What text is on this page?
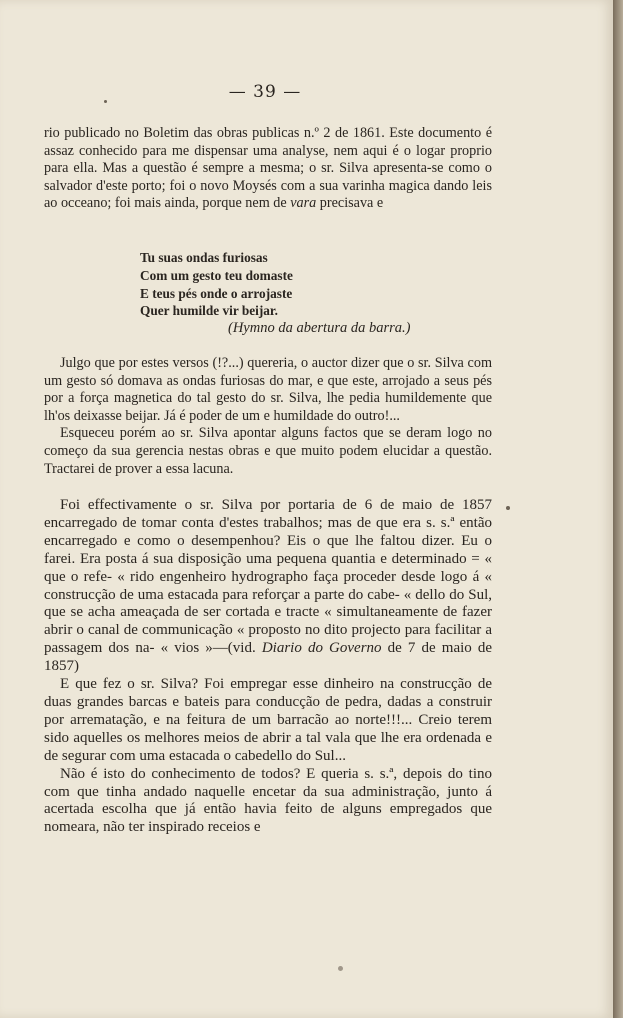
— 39 —

rio publicado no Boletim das obras publicas n.º 2 de 1861. Este documento é assaz conhecido para me dispensar uma analyse, nem aqui é o logar proprio para ella. Mas a questão é sempre a mesma; o sr. Silva apresenta-se como o salvador d'este porto; foi o novo Moysés com a sua varinha magica dando leis ao occeano; foi mais ainda, porque nem de vara precisava e

Tu suas ondas furiosas
Com um gesto teu domaste
E teus pés onde o arrojaste
Quer humilde vir beijar.
(Hymno da abertura da barra.)

Julgo que por estes versos (!?...) quereria, o auctor dizer que o sr. Silva com um gesto só domava as ondas furiosas do mar, e que este, arrojado a seus pés por a força magnetica do tal gesto do sr. Silva, lhe pedia humildemente que lh'os deixasse beijar. Já é poder de um e humildade do outro!...

Esqueceu porém ao sr. Silva apontar alguns factos que se deram logo no começo da sua gerencia nestas obras e que muito podem elucidar a questão. Tractarei de prover a essa lacuna.

Foi effectivamente o sr. Silva por portaria de 6 de maio de 1857 encarregado de tomar conta d'estes trabalhos; mas de que era s. s.ª então encarregado e como o desempenhou? Eis o que lhe faltou dizer. Eu o farei. Era posta á sua disposição uma pequena quantia e determinado = « que o refe- « rido engenheiro hydrographo faça proceder desde logo á « construcção de uma estacada para reforçar a parte do cabe- « dello do Sul, que se acha ameaçada de ser cortada e tracte « simultaneamente de fazer abrir o canal de communicação « proposto no dito projecto para facilitar a passagem dos na- « vios »—(vid. Diario do Governo de 7 de maio de 1857)

E que fez o sr. Silva? Foi empregar esse dinheiro na construcção de duas grandes barcas e bateis para conducção de pedra, dadas a construir por arrematação, e na feitura de um barracão ao norte!!!... Creio terem sido aquelles os melhores meios de abrir a tal vala que lhe era ordenada e de segurar com uma estacada o cabedello do Sul...

Não é isto do conhecimento de todos? E queria s. s.ª, depois do tino com que tinha andado naquelle encetar da sua administração, junto á acertada escolha que já então havia feito de alguns empregados que nomeara, não ter inspirado receios e
